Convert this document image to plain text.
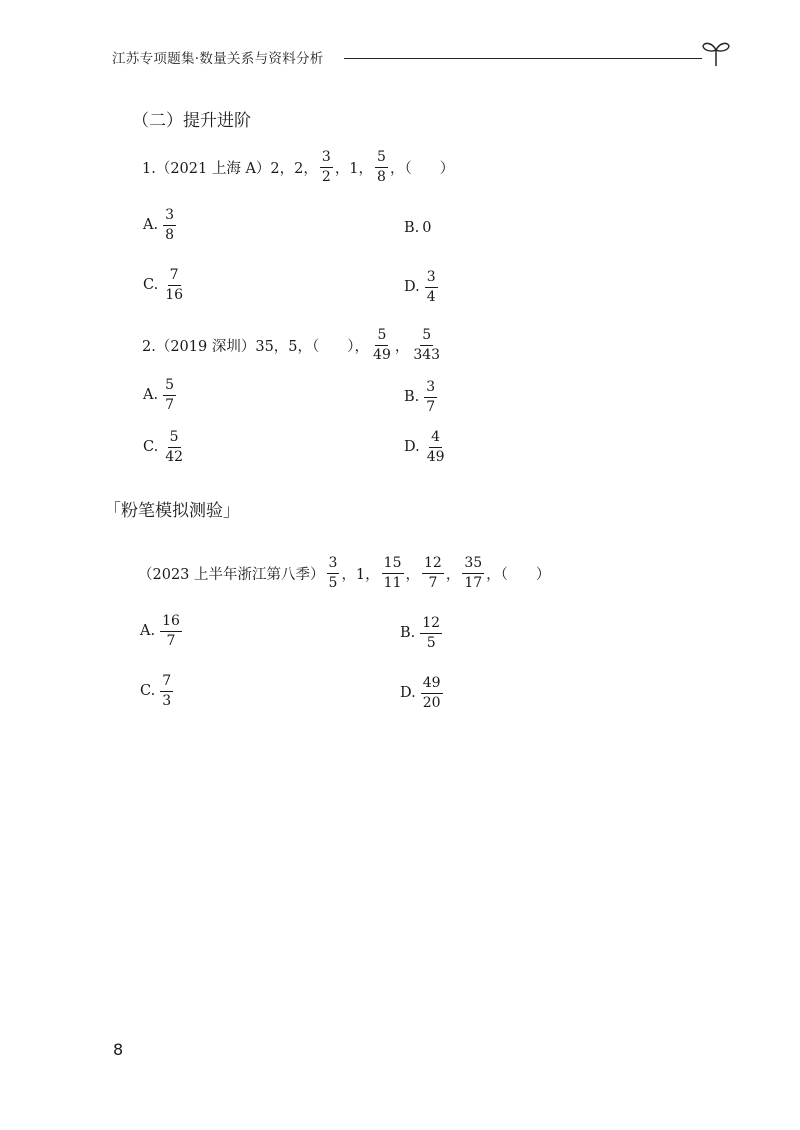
江苏专项题集·数量关系与资料分析
（二）提升进阶
1.（2021 上海 A）2，2， $\frac{3}{2}$ ，1， $\frac{5}{8}$ ，（ ）
A. $\frac{3}{8}$	B. 0
C. $\frac{7}{16}$	D. $\frac{3}{4}$
2.（2019 深圳）35，5，（ ）， $\frac{5}{49}$ ， $\frac{5}{343}$
A. $\frac{5}{7}$	B. $\frac{3}{7}$
C. $\frac{5}{42}$	D. $\frac{4}{49}$
「粉笔模拟测验」
（2023 上半年浙江第八季） $\frac{3}{5}$ ，1， $\frac{15}{11}$ ， $\frac{12}{7}$ ， $\frac{35}{17}$ ，（ ）
A. $\frac{16}{7}$	B. $\frac{12}{5}$
C. $\frac{7}{3}$	D. $\frac{49}{20}$
8
